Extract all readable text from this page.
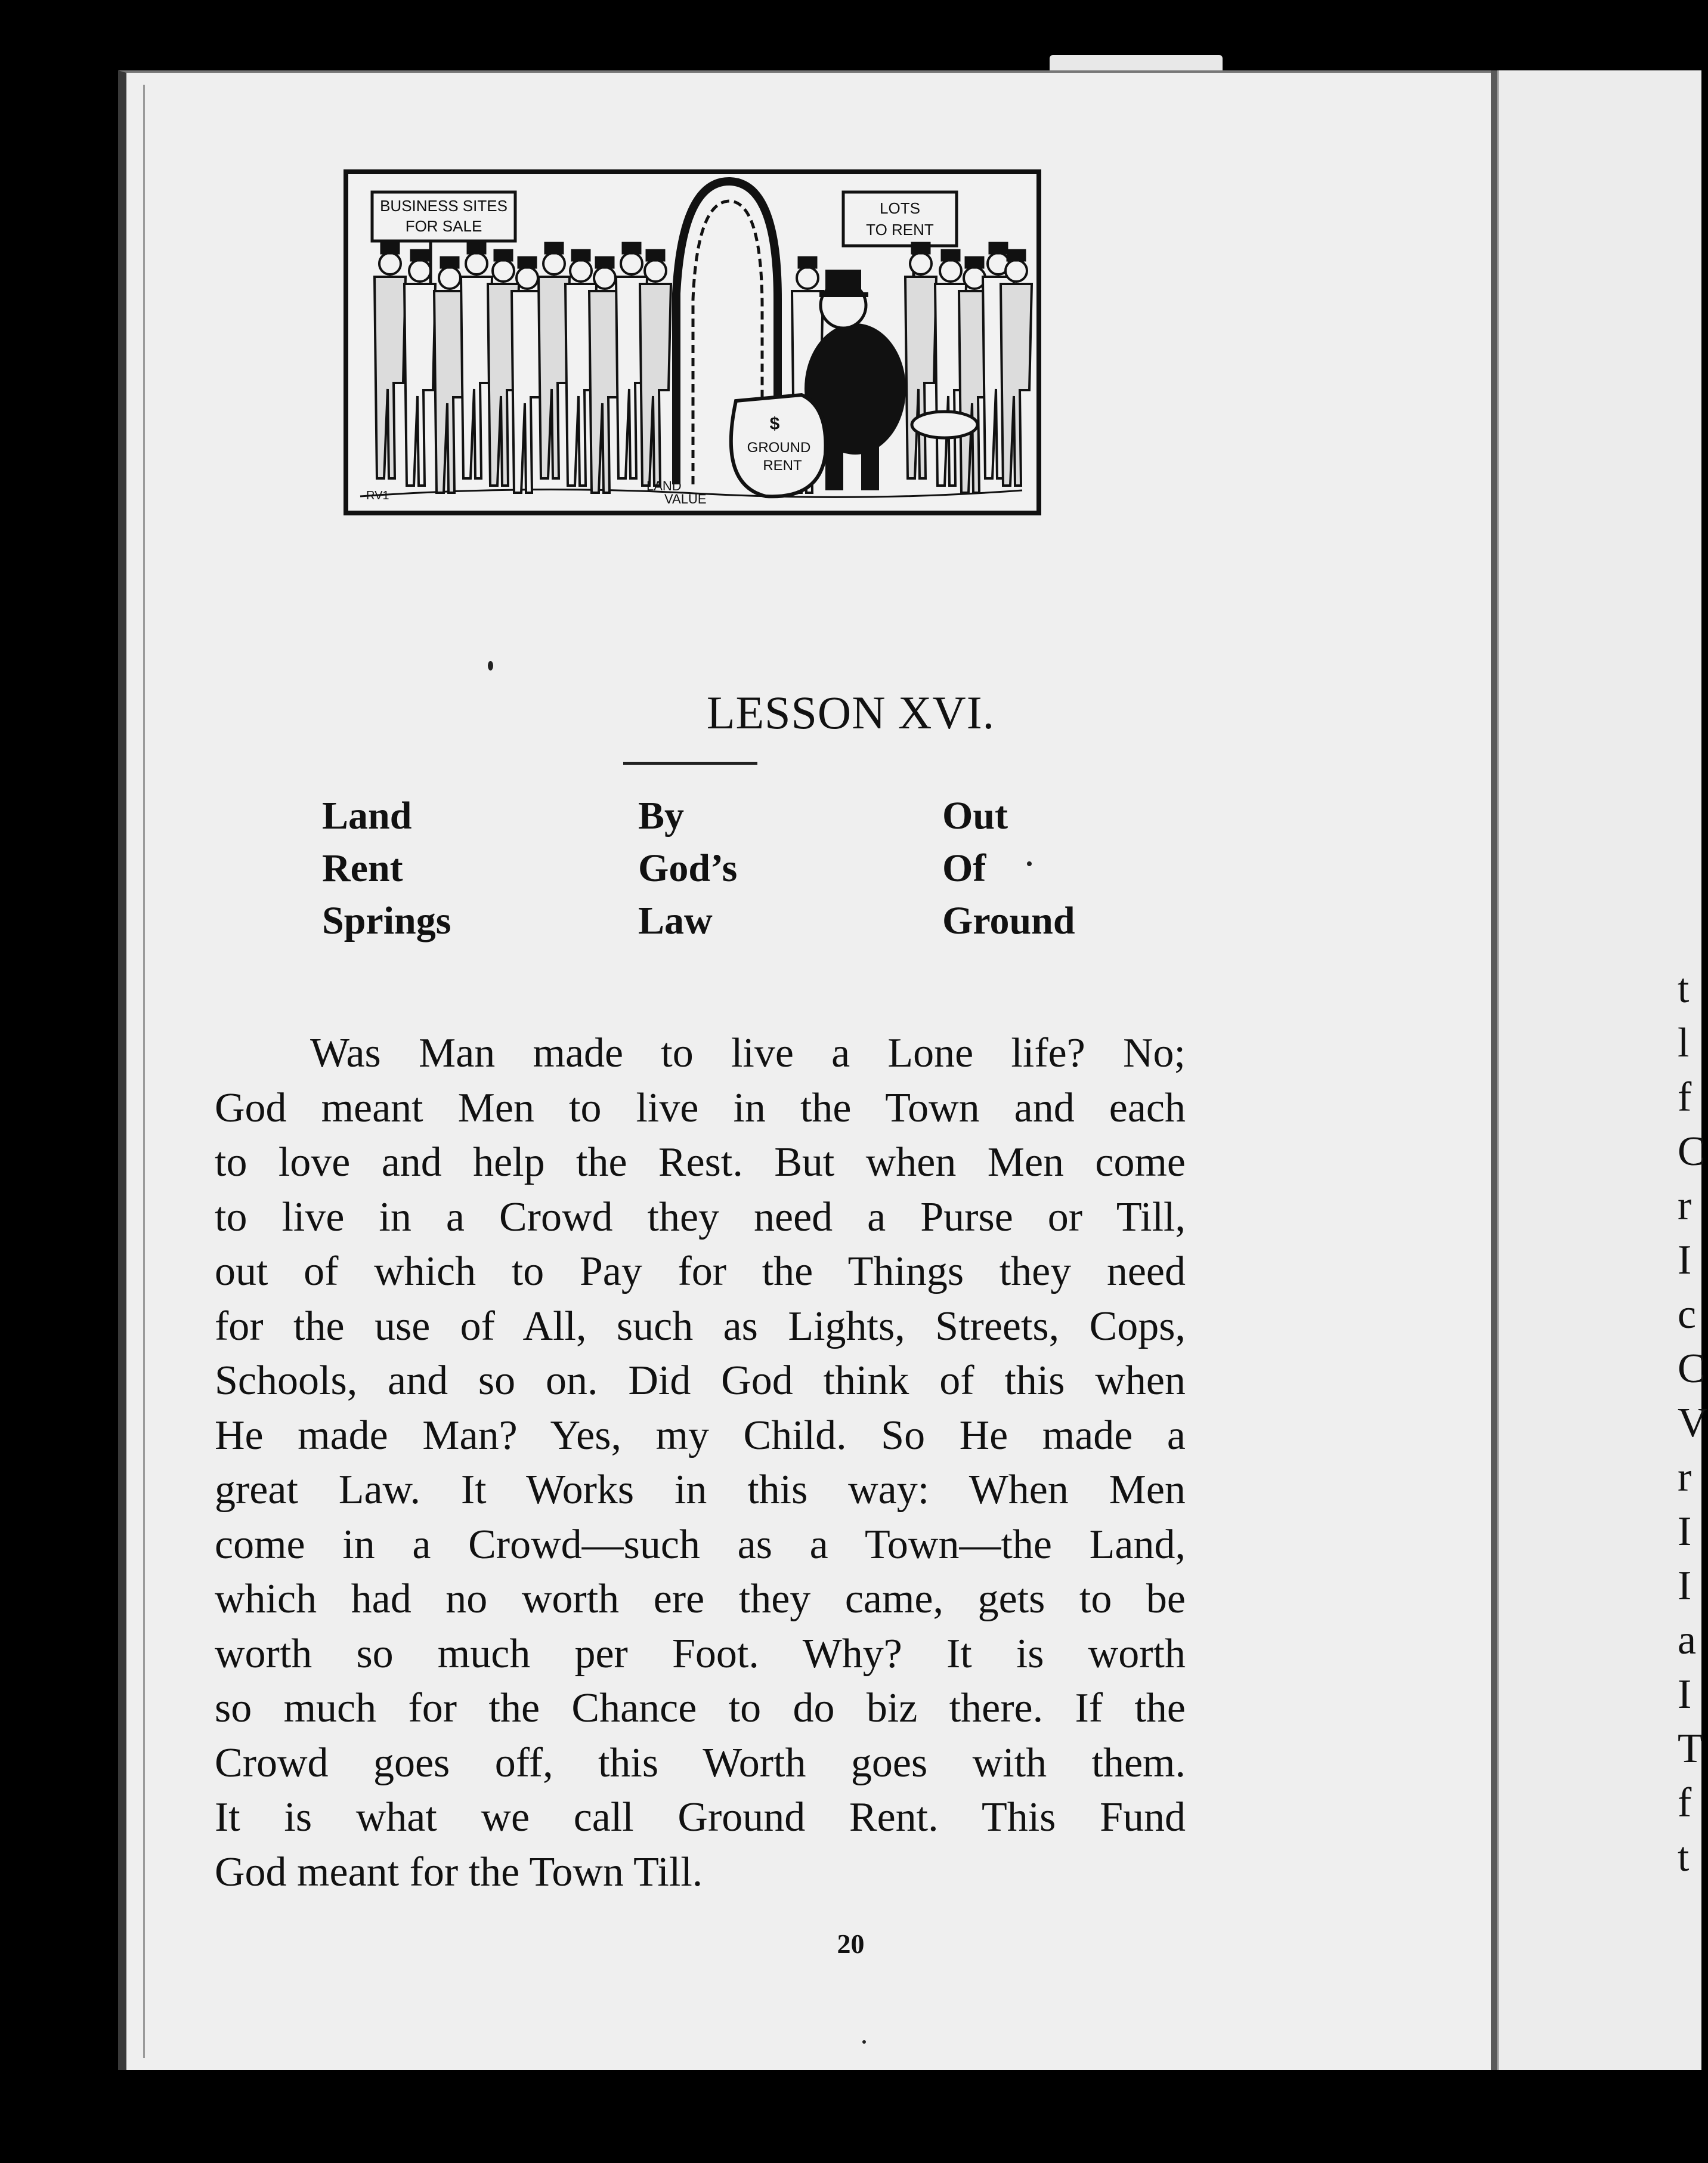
t
l
f
C
r
I
c
C
V
r
I
I
a
I
T
f
t
BUSINESS SITES
FOR SALE
LOTS
TO RENT
$
GROUND
RENT
LAND
VALUE
RV1
LESSON XVI.
Land	By	Out
Rent	God’s	Of
Springs	Law	Ground
Was Man made to live a Lone life? No;
God meant Men to live in the Town and each
to love and help the Rest. But when Men come
to live in a Crowd they need a Purse or Till,
out of which to Pay for the Things they need
for the use of All, such as Lights, Streets, Cops,
Schools, and so on. Did God think of this when
He made Man? Yes, my Child. So He made a
great Law. It Works in this way: When Men
come in a Crowd—such as a Town—the Land,
which had no worth ere they came, gets to be
worth so much per Foot. Why? It is worth
so much for the Chance to do biz there. If the
Crowd goes off, this Worth goes with them.
It is what we call Ground Rent. This Fund
God meant for the Town Till.
20
